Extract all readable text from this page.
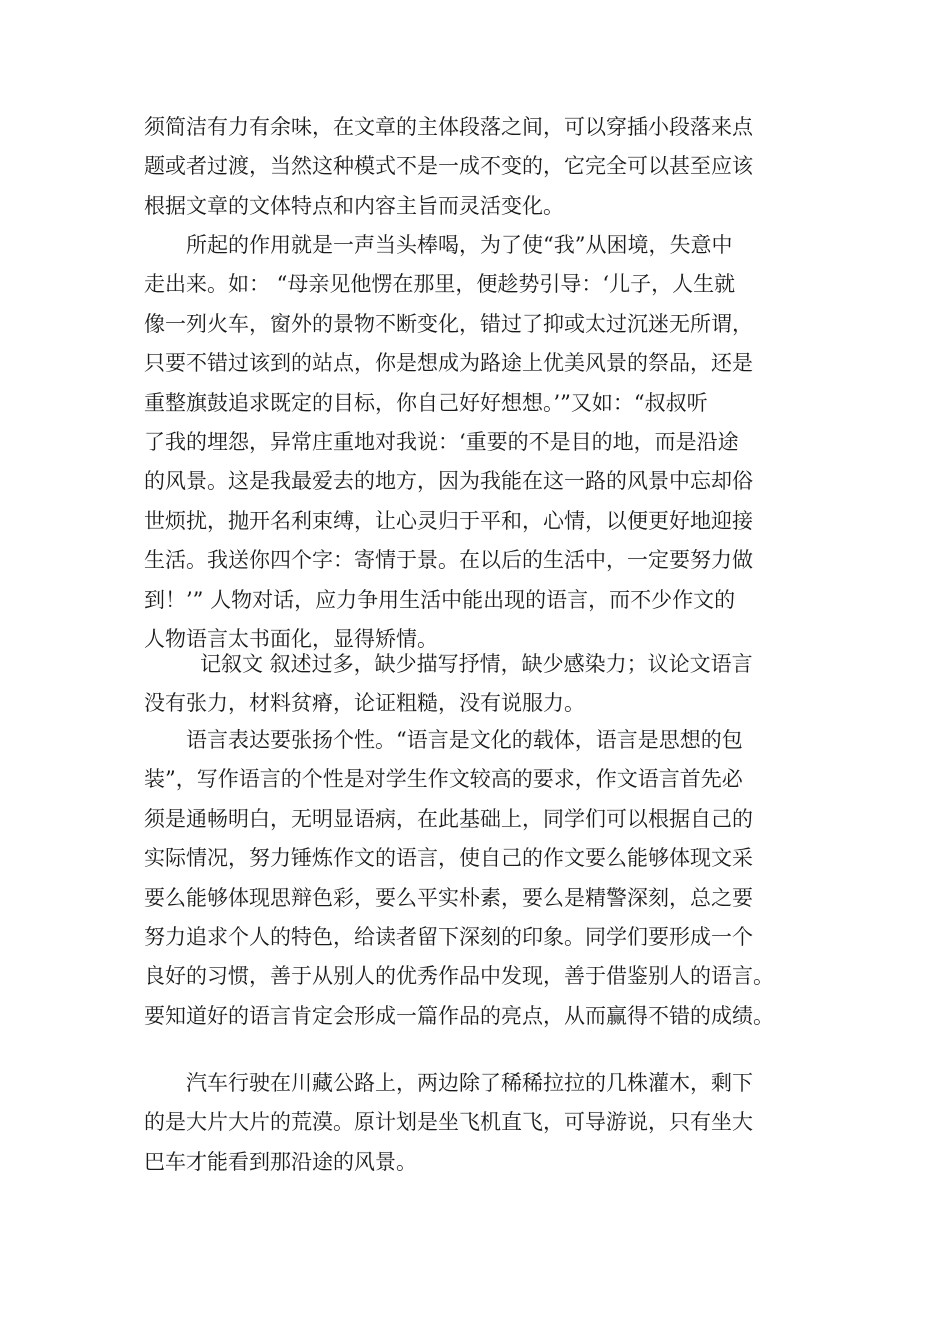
须简洁有力有余味，在文章的主体段落之间，可以穿插小段落来点
题或者过渡，当然这种模式不是一成不变的，它完全可以甚至应该
根据文章的文体特点和内容主旨而灵活变化。
所起的作用就是一声当头棒喝，为了使“我”从困境，失意中
走出来。如： “母亲见他愣在那里，便趁势引导：‘儿子，人生就
像一列火车，窗外的景物不断变化，错过了抑或太过沉迷无所谓，
只要不错过该到的站点，你是想成为路途上优美风景的祭品，还是
重整旗鼓追求既定的目标，你自己好好想想。’”又如：“叔叔听
了我的埋怨，异常庄重地对我说：‘重要的不是目的地，而是沿途
的风景。这是我最爱去的地方，因为我能在这一路的风景中忘却俗
世烦扰，抛开名利束缚，让心灵归于平和，心情，以便更好地迎接
生活。我送你四个字：寄情于景。在以后的生活中，一定要努力做
到！’” 人物对话，应力争用生活中能出现的语言，而不少作文的
人物语言太书面化，显得矫情。
记叙文 叙述过多，缺少描写抒情，缺少感染力；议论文语言
没有张力，材料贫瘠，论证粗糙，没有说服力。
语言表达要张扬个性。“语言是文化的载体，语言是思想的包
装”，写作语言的个性是对学生作文较高的要求，作文语言首先必
须是通畅明白，无明显语病，在此基础上，同学们可以根据自己的
实际情况，努力锤炼作文的语言，使自己的作文要么能够体现文采
要么能够体现思辩色彩，要么平实朴素，要么是精警深刻，总之要
努力追求个人的特色，给读者留下深刻的印象。同学们要形成一个
良好的习惯，善于从别人的优秀作品中发现，善于借鉴别人的语言。
要知道好的语言肯定会形成一篇作品的亮点，从而赢得不错的成绩。
汽车行驶在川藏公路上，两边除了稀稀拉拉的几株灌木，剩下
的是大片大片的荒漠。原计划是坐飞机直飞，可导游说，只有坐大
巴车才能看到那沿途的风景。
